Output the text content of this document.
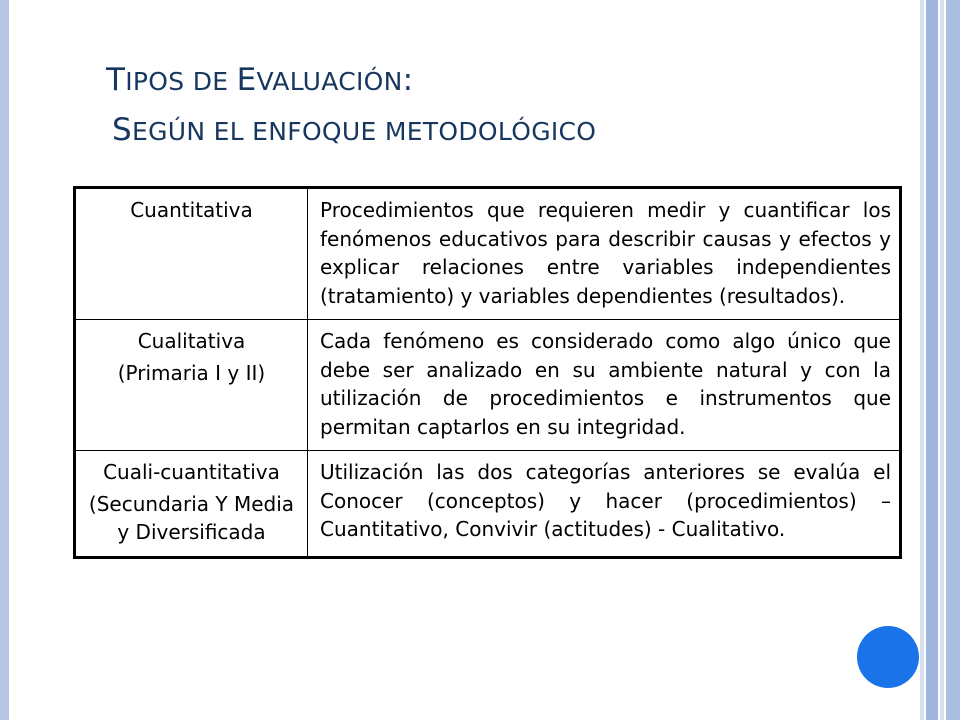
TIPOS DE EVALUACIÓN:
SEGÚN EL ENFOQUE METODOLÓGICO
Cuantitativa	Procedimientos que requieren medir y cuantificar los fenómenos educativos para describir causas y efectos y explicar relaciones entre variables independientes (tratamiento) y variables dependientes (resultados).

Cualitativa
(Primaria I y II)	Cada fenómeno es considerado como algo único que debe ser analizado en su ambiente natural y con la utilización de procedimientos e instrumentos que permitan captarlos en su integridad.

Cuali-cuantitativa
(Secundaria Y Media y Diversificada	Utilización las dos categorías anteriores se evalúa el Conocer (conceptos) y hacer (procedimientos) – Cuantitativo, Convivir (actitudes) - Cualitativo.
